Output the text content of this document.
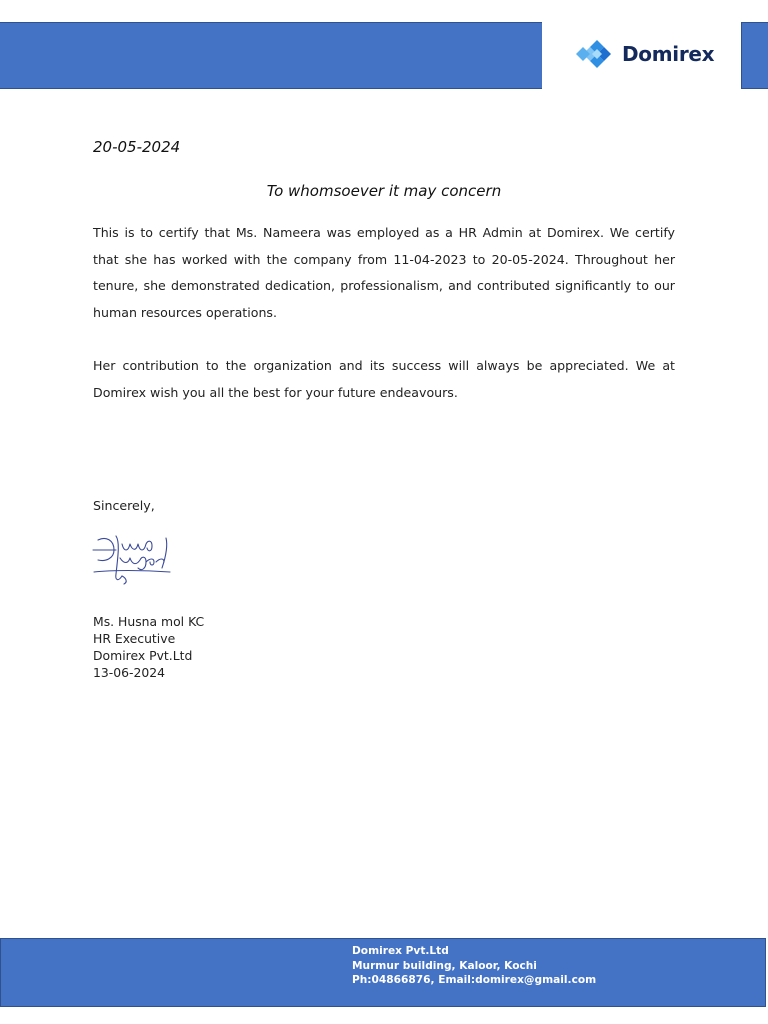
Domirex
20-05-2024
To whomsoever it may concern

This is to certify that Ms. Nameera was employed as a HR Admin at Domirex. We certify that she has worked with the company from 11-04-2023 to 20-05-2024. Throughout her tenure, she demonstrated dedication, professionalism, and contributed significantly to our human resources operations.

Her contribution to the organization and its success will always be appreciated. We at Domirex wish you all the best for your future endeavours.

Sincerely,
Ms. Husna mol KC
HR Executive
Domirex Pvt.Ltd
13-06-2024
Domirex Pvt.Ltd
Murmur building, Kaloor, Kochi
Ph:04866876, Email:domirex@gmail.com
